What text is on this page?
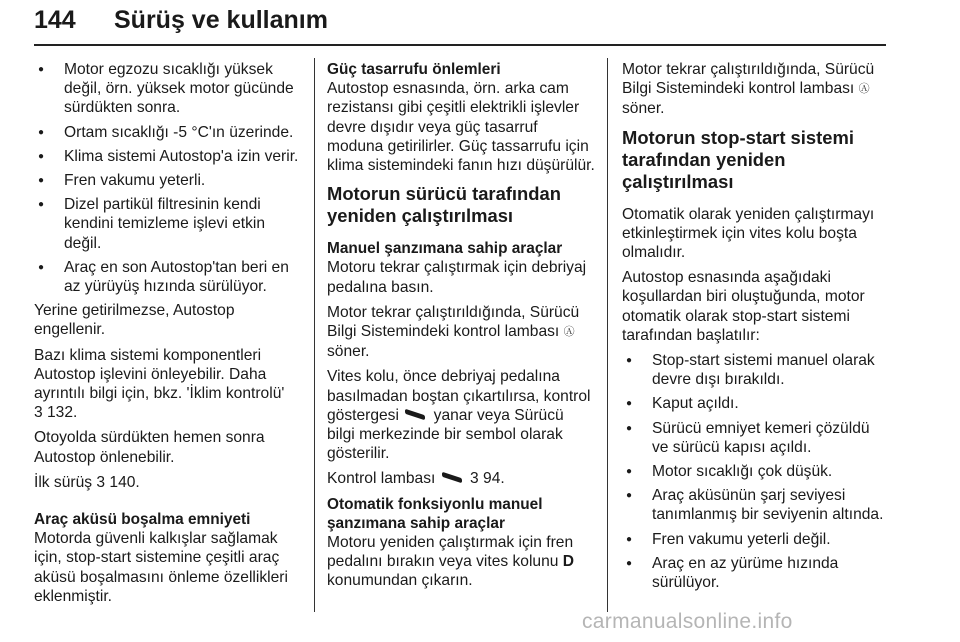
144 Sürüş ve kullanım
● Motor egzozu sıcaklığı yüksek değil, örn. yüksek motor gücünde sürdükten sonra.
● Ortam sıcaklığı -5 °C'ın üzerinde.
● Klima sistemi Autostop'a izin verir.
● Fren vakumu yeterli.
● Dizel partikül filtresinin kendi kendini temizleme işlevi etkin değil.
● Araç en son Autostop'tan beri en az yürüyüş hızında sürülüyor.

Yerine getirilmezse, Autostop engellenir.

Bazı klima sistemi komponentleri Autostop işlevini önleyebilir. Daha ayrıntılı bilgi için, bkz. 'İklim kontrolü'
3 132.

Otoyolda sürdükten hemen sonra Autostop önlenebilir.

İlk sürüş 3 140.

Araç aküsü boşalma emniyeti

Motorda güvenli kalkışlar sağlamak için, stop-start sistemine çeşitli araç aküsü boşalmasını önleme özellikleri eklenmiştir.

Güç tasarrufu önlemleri

Autostop esnasında, örn. arka cam rezistansı gibi çeşitli elektrikli işlevler devre dışıdır veya güç tasarruf moduna getirilirler. Güç tassarrufu için klima sistemindeki fanın hızı düşürülür.

Motorun sürücü tarafından yeniden çalıştırılması

Manuel şanzımana sahip araçlar

Motoru tekrar çalıştırmak için debriyaj pedalına basın.

Motor tekrar çalıştırıldığında, Sürücü Bilgi Sistemindeki kontrol lambası Ⓐ
söner.

Vites kolu, önce debriyaj pedalına basılmadan boştan çıkartılırsa, kontrol göstergesi yanar veya Sürücü bilgi merkezinde bir sembol olarak gösterilir.

Kontrol lambası 3 94.

Otomatik fonksiyonlu manuel şanzımana sahip araçlar

Motoru yeniden çalıştırmak için fren pedalını bırakın veya vites kolunu D konumundan çıkarın.

Motor tekrar çalıştırıldığında, Sürücü Bilgi Sistemindeki kontrol lambası Ⓐ
söner.

Motorun stop-start sistemi tarafından yeniden çalıştırılması

Otomatik olarak yeniden çalıştırmayı etkinleştirmek için vites kolu boşta olmalıdır.

Autostop esnasında aşağıdaki koşullardan biri oluştuğunda, motor otomatik olarak stop-start sistemi tarafından başlatılır:

● Stop-start sistemi manuel olarak devre dışı bırakıldı.
● Kaput açıldı.
● Sürücü emniyet kemeri çözüldü ve sürücü kapısı açıldı.
● Motor sıcaklığı çok düşük.
● Araç aküsünün şarj seviyesi tanımlanmış bir seviyenin altında.
● Fren vakumu yeterli değil.
● Araç en az yürüme hızında sürülüyor.
carmanualsonline.info
